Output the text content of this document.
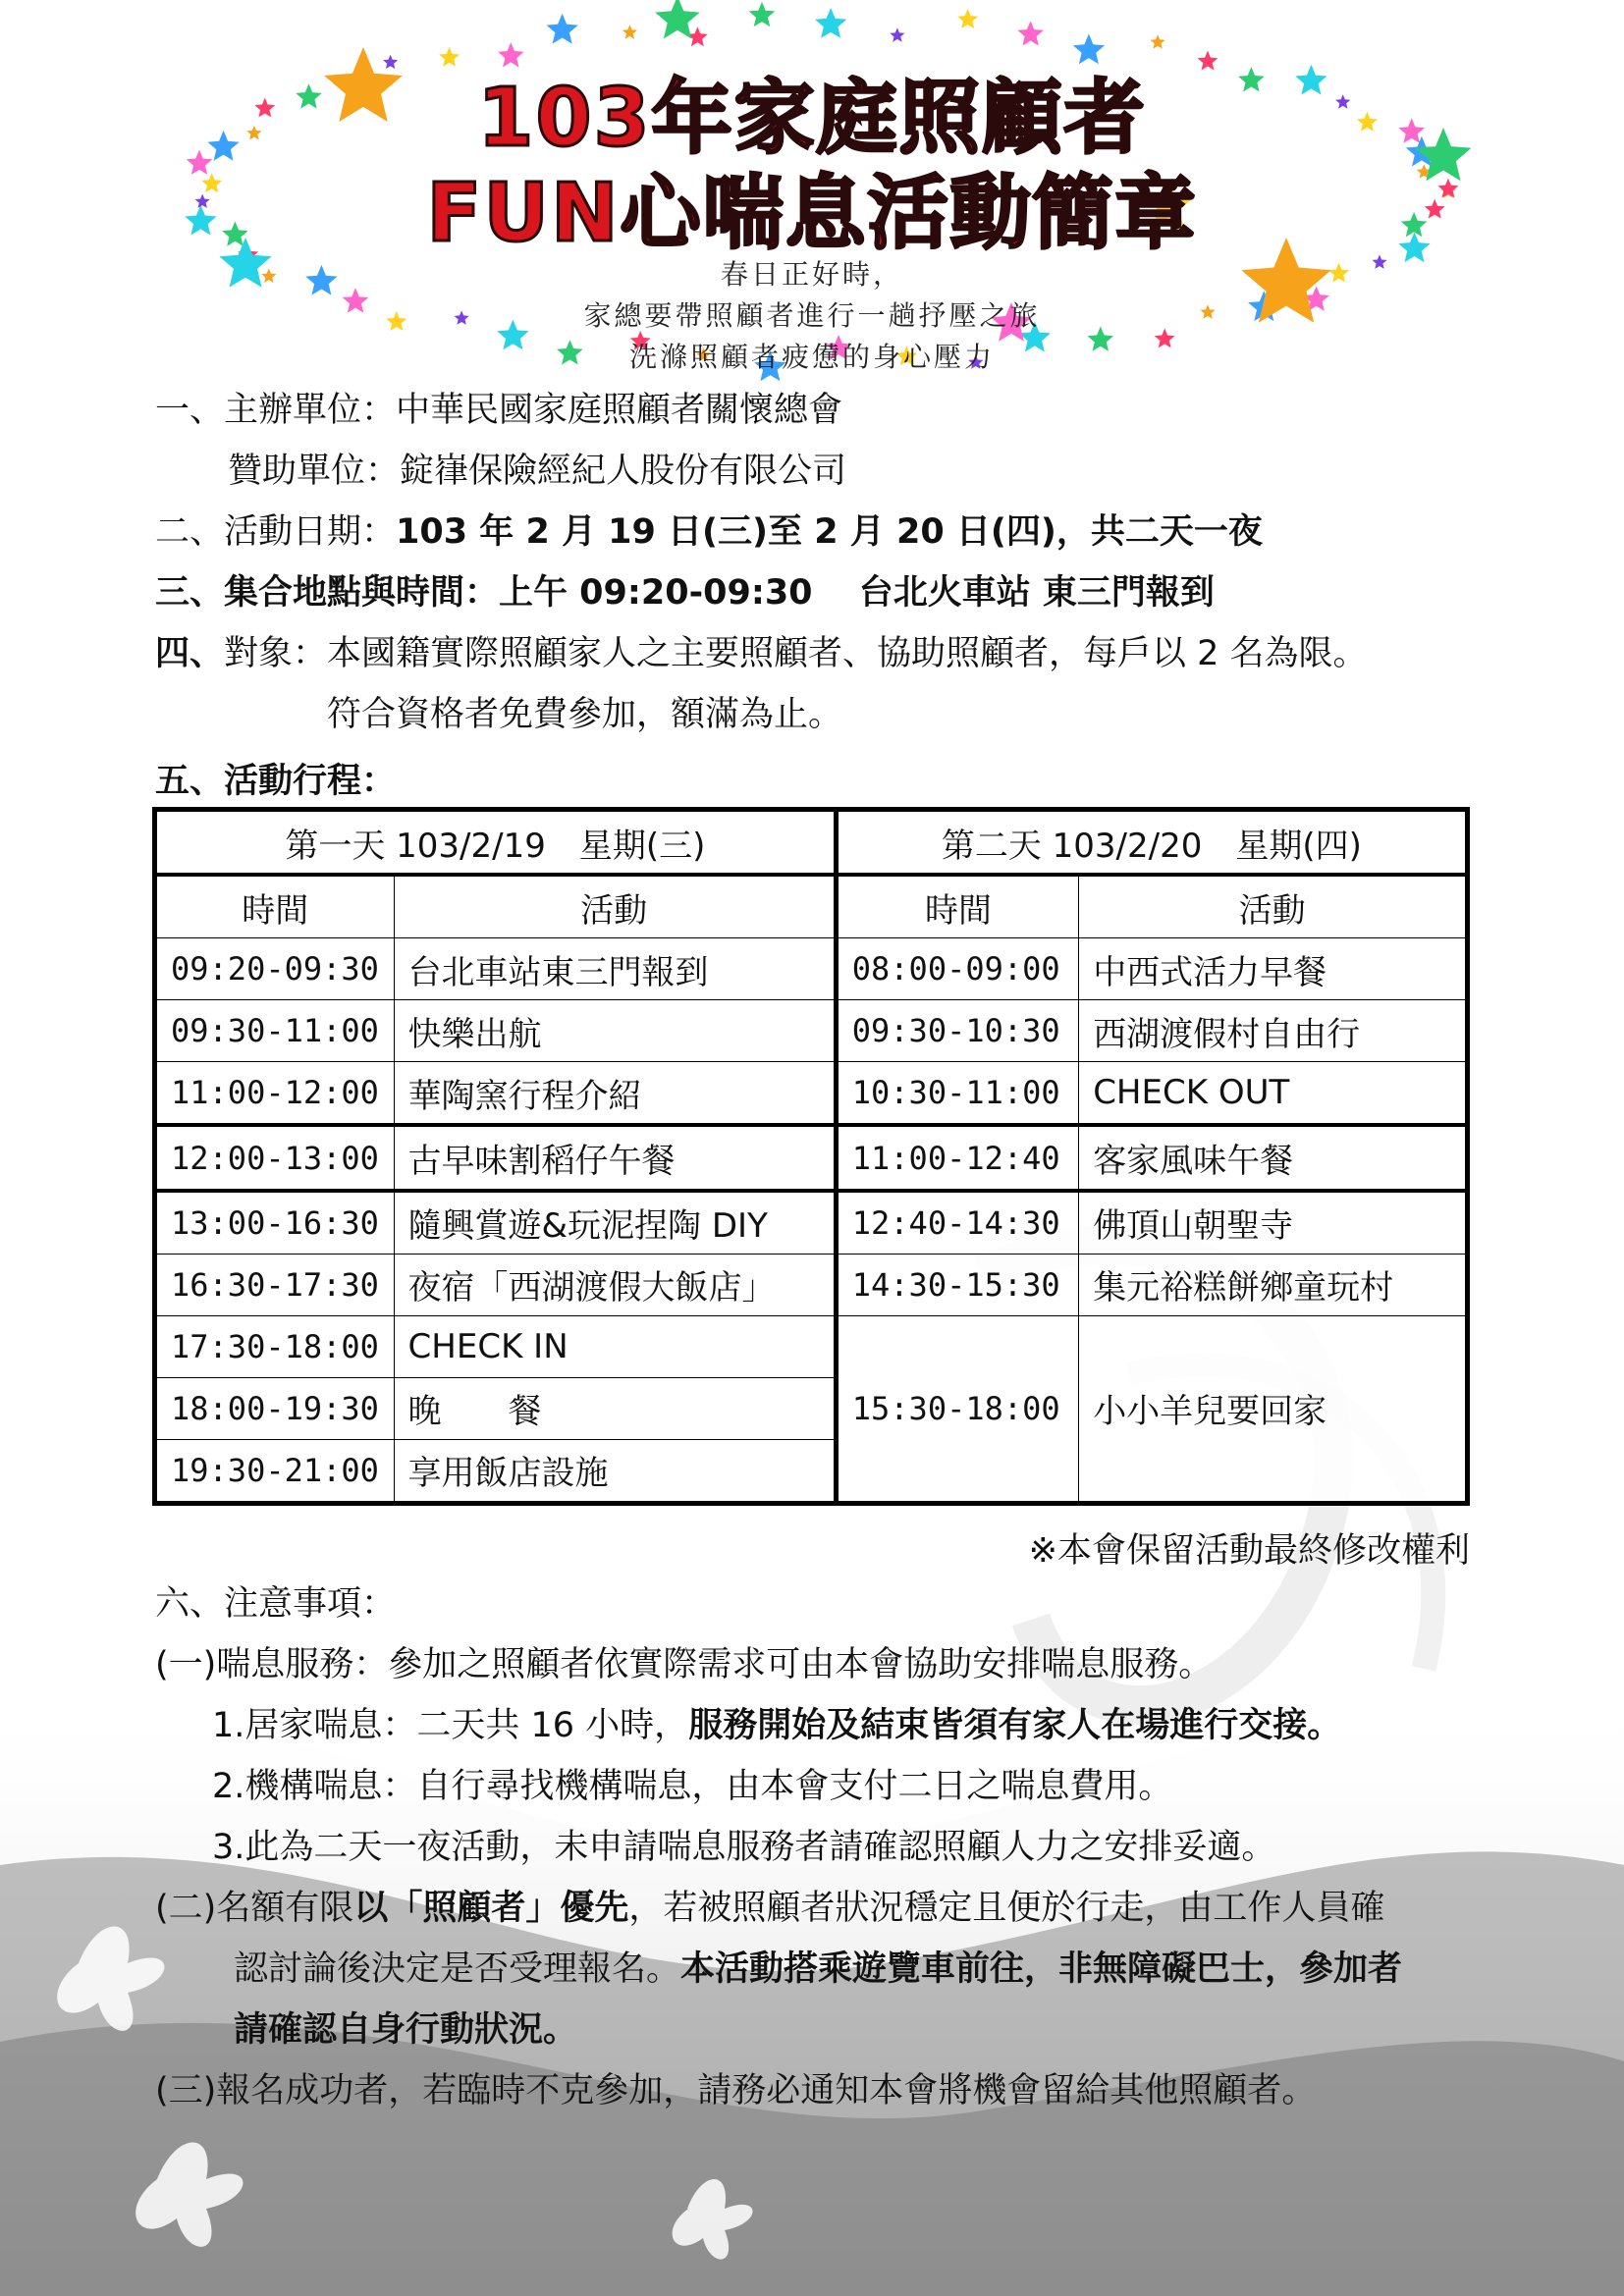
103年家庭照顧者
FUN心喘息活動簡章
春日正好時，
家總要帶照顧者進行一趟抒壓之旅
洗滌照顧者疲憊的身心壓力
一、主辦單位：中華民國家庭照顧者關懷總會
贊助單位：錠嵂保險經紀人股份有限公司
二、活動日期：103 年 2 月 19 日(三)至 2 月 20 日(四)，共二天一夜
三、集合地點與時間：上午 09:20-09:30　 台北火車站 東三門報到
四、對象：本國籍實際照顧家人之主要照顧者、協助照顧者，每戶以 2 名為限。
符合資格者免費參加，額滿為止。
五、活動行程：
第一天 103/2/19　星期(三)		第二天 103/2/20　星期(四)	
時間	活動	時間	活動
09:20-09:30	台北車站東三門報到	08:00-09:00	中西式活力早餐
09:30-11:00	快樂出航	09:30-10:30	西湖渡假村自由行
11:00-12:00	華陶窯行程介紹	10:30-11:00	CHECK OUT
12:00-13:00	古早味割稻仔午餐	11:00-12:40	客家風味午餐
13:00-16:30	隨興賞遊&玩泥捏陶 DIY	12:40-14:30	佛頂山朝聖寺
16:30-17:30	夜宿「西湖渡假大飯店」	14:30-15:30	集元裕糕餅鄉童玩村
17:30-18:00	CHECK IN	15:30-18:00	小小羊兒要回家
18:00-19:30	晚　　餐		
19:30-21:00	享用飯店設施		
※本會保留活動最終修改權利
六、注意事項：
(一)喘息服務：參加之照顧者依實際需求可由本會協助安排喘息服務。
1.居家喘息：二天共 16 小時，服務開始及結束皆須有家人在場進行交接。
2.機構喘息：自行尋找機構喘息，由本會支付二日之喘息費用。
3.此為二天一夜活動，未申請喘息服務者請確認照顧人力之安排妥適。
(二)名額有限以「照顧者」優先，若被照顧者狀況穩定且便於行走，由工作人員確
認討論後決定是否受理報名。本活動搭乘遊覽車前往，非無障礙巴士，參加者
請確認自身行動狀況。
(三)報名成功者，若臨時不克參加，請務必通知本會將機會留給其他照顧者。
